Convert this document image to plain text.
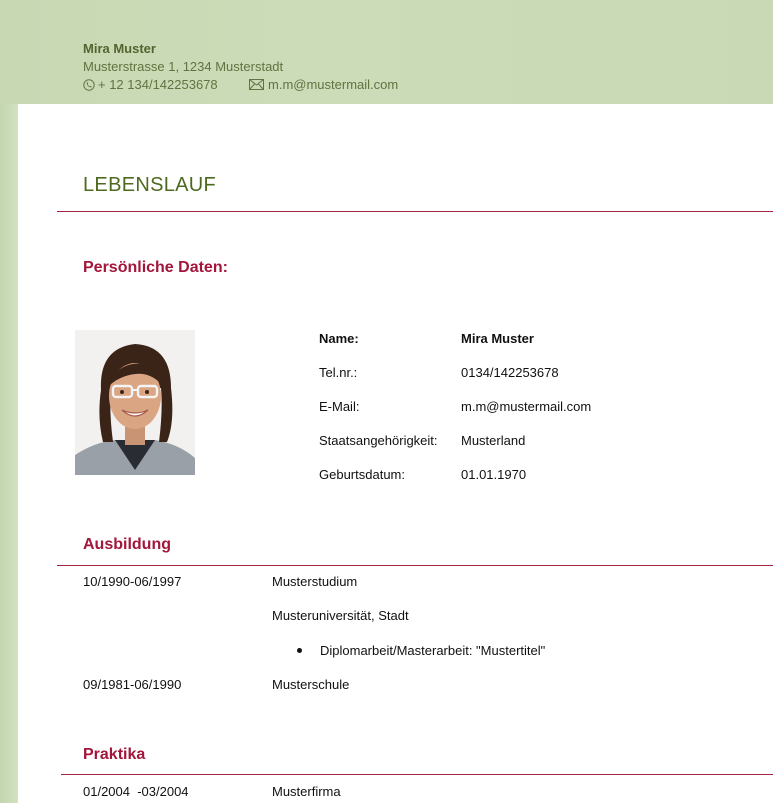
Mira Muster
Musterstrasse 1, 1234 Musterstadt
+ 12 134/142253678	m.m@mustermail.com
LEBENSLAUF
Persönliche Daten:
Name:	Mira Muster
Tel.nr.:	0134/142253678
E-Mail:	m.m@mustermail.com
Staatsangehörigkeit: Musterland
Geburtsdatum:	01.01.1970
Ausbildung
10/1990-06/1997	Musterstudium
Musteruniversität, Stadt
Diplomarbeit/Masterarbeit: "Mustertitel"
09/1981-06/1990	Musterschule
Praktika
01/2004  -03/2004	Musterfirma
